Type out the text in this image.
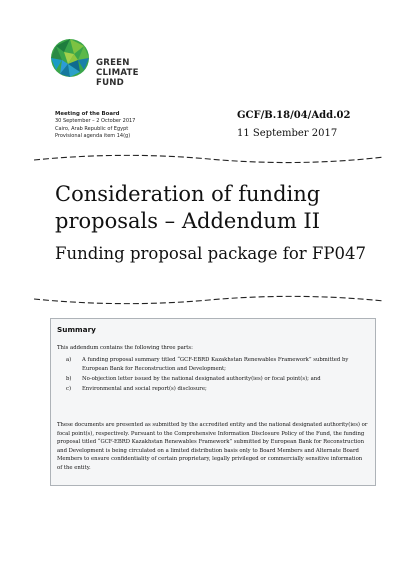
GREEN
CLIMATE
FUND
Meeting of the Board
30 September – 2 October 2017
Cairo, Arab Republic of Egypt
Provisional agenda item 14(g)
GCF/B.18/04/Add.02
11 September 2017
Consideration of funding proposals – Addendum II
Funding proposal package for FP047
Summary
This addendum contains the following three parts:
a)	A funding proposal summary titled “GCF-EBRD Kazakhstan Renewables Framework” submitted by European Bank for Reconstruction and Development;
b)	No-objection letter issued by the national designated authority(ies) or focal point(s); and
c)	Environmental and social report(s) disclosure;
These documents are presented as submitted by the accredited entity and the national designated authority(ies) or focal point(s), respectively. Pursuant to the Comprehensive Information Disclosure Policy of the Fund, the funding proposal titled “GCF-EBRD Kazakhstan Renewables Framework” submitted by European Bank for Reconstruction and Development is being circulated on a limited distribution basis only to Board Members and Alternate Board Members to ensure confidentiality of certain proprietary, legally privileged or commercially sensitive information of the entity.
